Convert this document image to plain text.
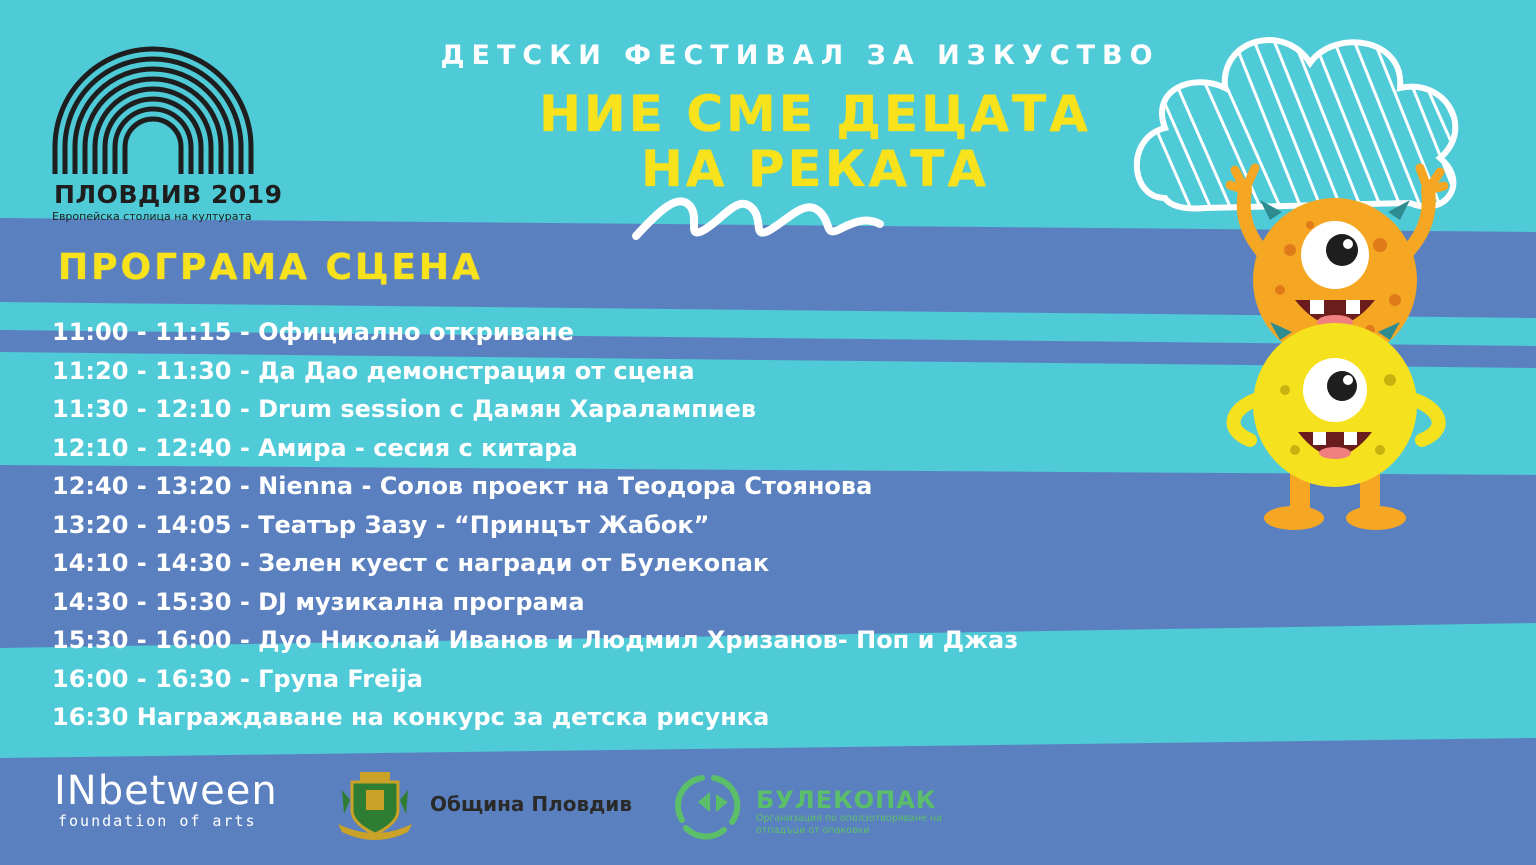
ПЛОВДИВ 2019
Европейска столица на културата
ДЕТСКИ ФЕСТИВАЛ ЗА ИЗКУСТВО
НИЕ СМЕ ДЕЦАТА
НА РЕКАТА
ПРОГРАМА СЦЕНА
11:00 - 11:15 - Официално откриване
11:20 - 11:30 - Да Дао демонстрация от сцена
11:30 - 12:10 - Drum session с Дамян Харалампиев
12:10 - 12:40 - Амира - сесия с китара
12:40 - 13:20 - Nienna - Солов проект на Теодора Стоянова
13:20 - 14:05 - Театър Зазу - “Принцът Жабок”
14:10 - 14:30 - Зелен куест с награди от Булекопак
14:30 - 15:30 - DJ музикална програма
15:30 - 16:00 - Дуо Николай Иванов и Людмил Хризанов- Поп и Джаз
16:00 - 16:30 - Група Freija
16:30 Награждаване на конкурс за детска рисунка
INbetween
foundation of arts
Община Пловдив	БУЛЕКОПАК
Организация по оползотворяване на отпадъци от опаковки
